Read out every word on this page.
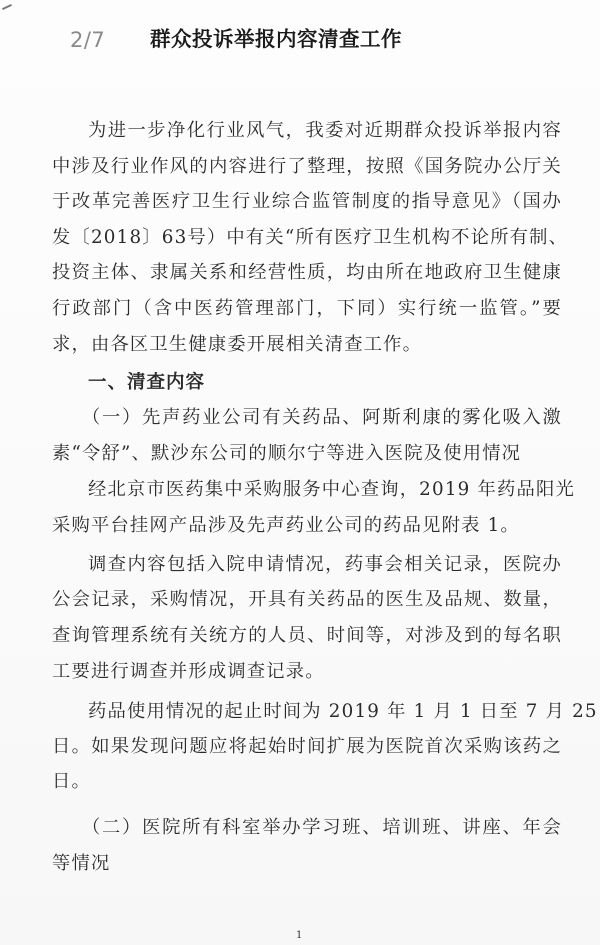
2/7 群众投诉举报内容清查工作
为进一步净化行业风气，我委对近期群众投诉举报内容
中涉及行业作风的内容进行了整理，按照《国务院办公厅关
于改革完善医疗卫生行业综合监管制度的指导意见》（国办
发〔2018〕63号）中有关“所有医疗卫生机构不论所有制、
投资主体、隶属关系和经营性质，均由所在地政府卫生健康
行政部门（含中医药管理部门，下同）实行统一监管。”要
求，由各区卫生健康委开展相关清查工作。
一、清查内容
（一）先声药业公司有关药品、阿斯利康的雾化吸入激
素“令舒”、默沙东公司的顺尔宁等进入医院及使用情况
经北京市医药集中采购服务中心查询，2019 年药品阳光
采购平台挂网产品涉及先声药业公司的药品见附表 1。
调查内容包括入院申请情况，药事会相关记录，医院办
公会记录，采购情况，开具有关药品的医生及品规、数量，
查询管理系统有关统方的人员、时间等，对涉及到的每名职
工要进行调查并形成调查记录。
药品使用情况的起止时间为 2019 年 1 月 1 日至 7 月 25
日。如果发现问题应将起始时间扩展为医院首次采购该药之
日。
（二）医院所有科室举办学习班、培训班、讲座、年会
等情况
1
